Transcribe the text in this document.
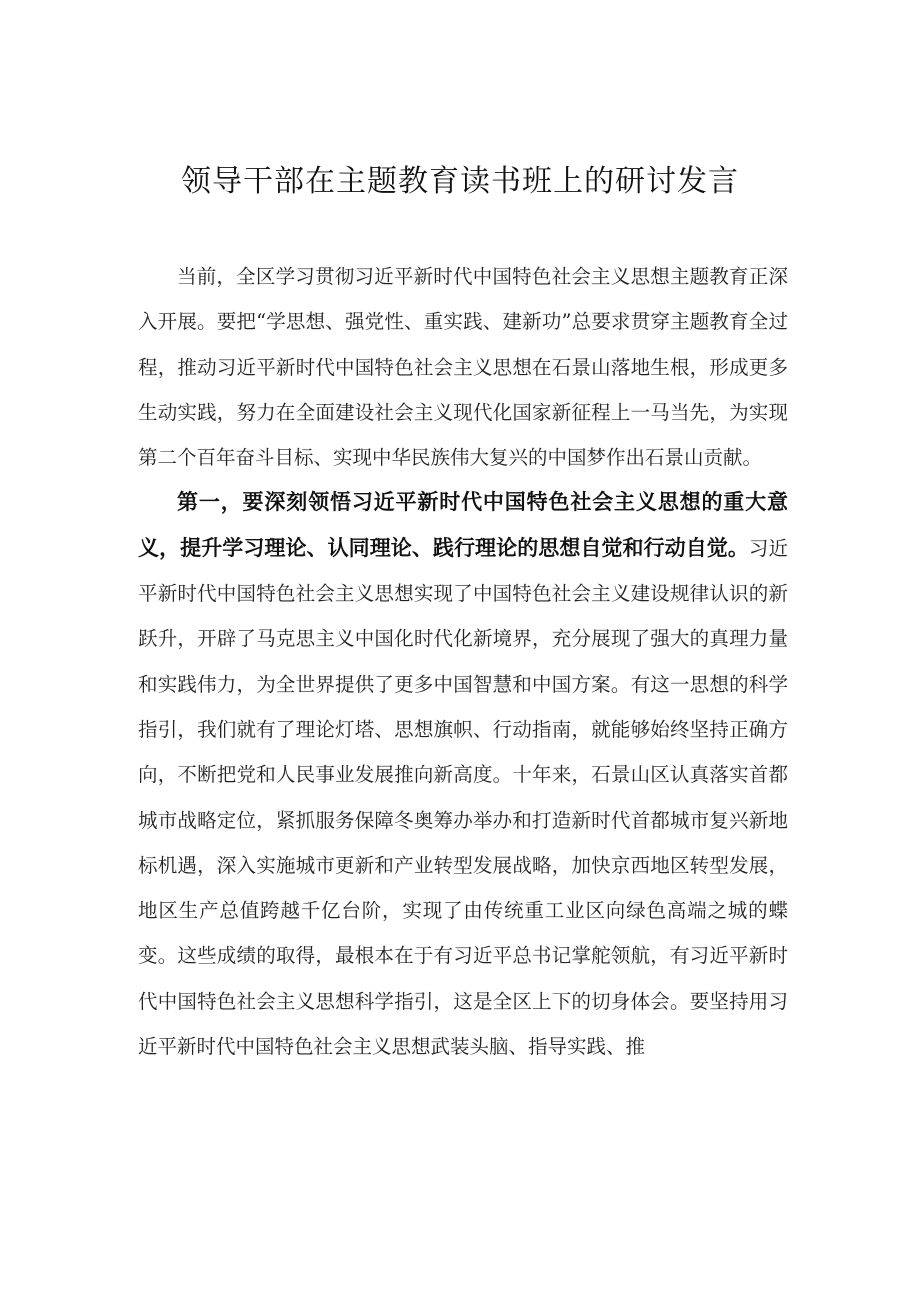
领导干部在主题教育读书班上的研讨发言

当前，全区学习贯彻习近平新时代中国特色社会主义思想主题教育正深入开展。要把“学思想、强党性、重实践、建新功”总要求贯穿主题教育全过程，推动习近平新时代中国特色社会主义思想在石景山落地生根，形成更多生动实践，努力在全面建设社会主义现代化国家新征程上一马当先，为实现第二个百年奋斗目标、实现中华民族伟大复兴的中国梦作出石景山贡献。

第一，要深刻领悟习近平新时代中国特色社会主义思想的重大意义，提升学习理论、认同理论、践行理论的思想自觉和行动自觉。习近平新时代中国特色社会主义思想实现了中国特色社会主义建设规律认识的新跃升，开辟了马克思主义中国化时代化新境界，充分展现了强大的真理力量和实践伟力，为全世界提供了更多中国智慧和中国方案。有这一思想的科学指引，我们就有了理论灯塔、思想旗帜、行动指南，就能够始终坚持正确方向，不断把党和人民事业发展推向新高度。十年来，石景山区认真落实首都城市战略定位，紧抓服务保障冬奥筹办举办和打造新时代首都城市复兴新地标机遇，深入实施城市更新和产业转型发展战略，加快京西地区转型发展，地区生产总值跨越千亿台阶，实现了由传统重工业区向绿色高端之城的蝶变。这些成绩的取得，最根本在于有习近平总书记掌舵领航，有习近平新时代中国特色社会主义思想科学指引，这是全区上下的切身体会。要坚持用习近平新时代中国特色社会主义思想武装头脑、指导实践、推
